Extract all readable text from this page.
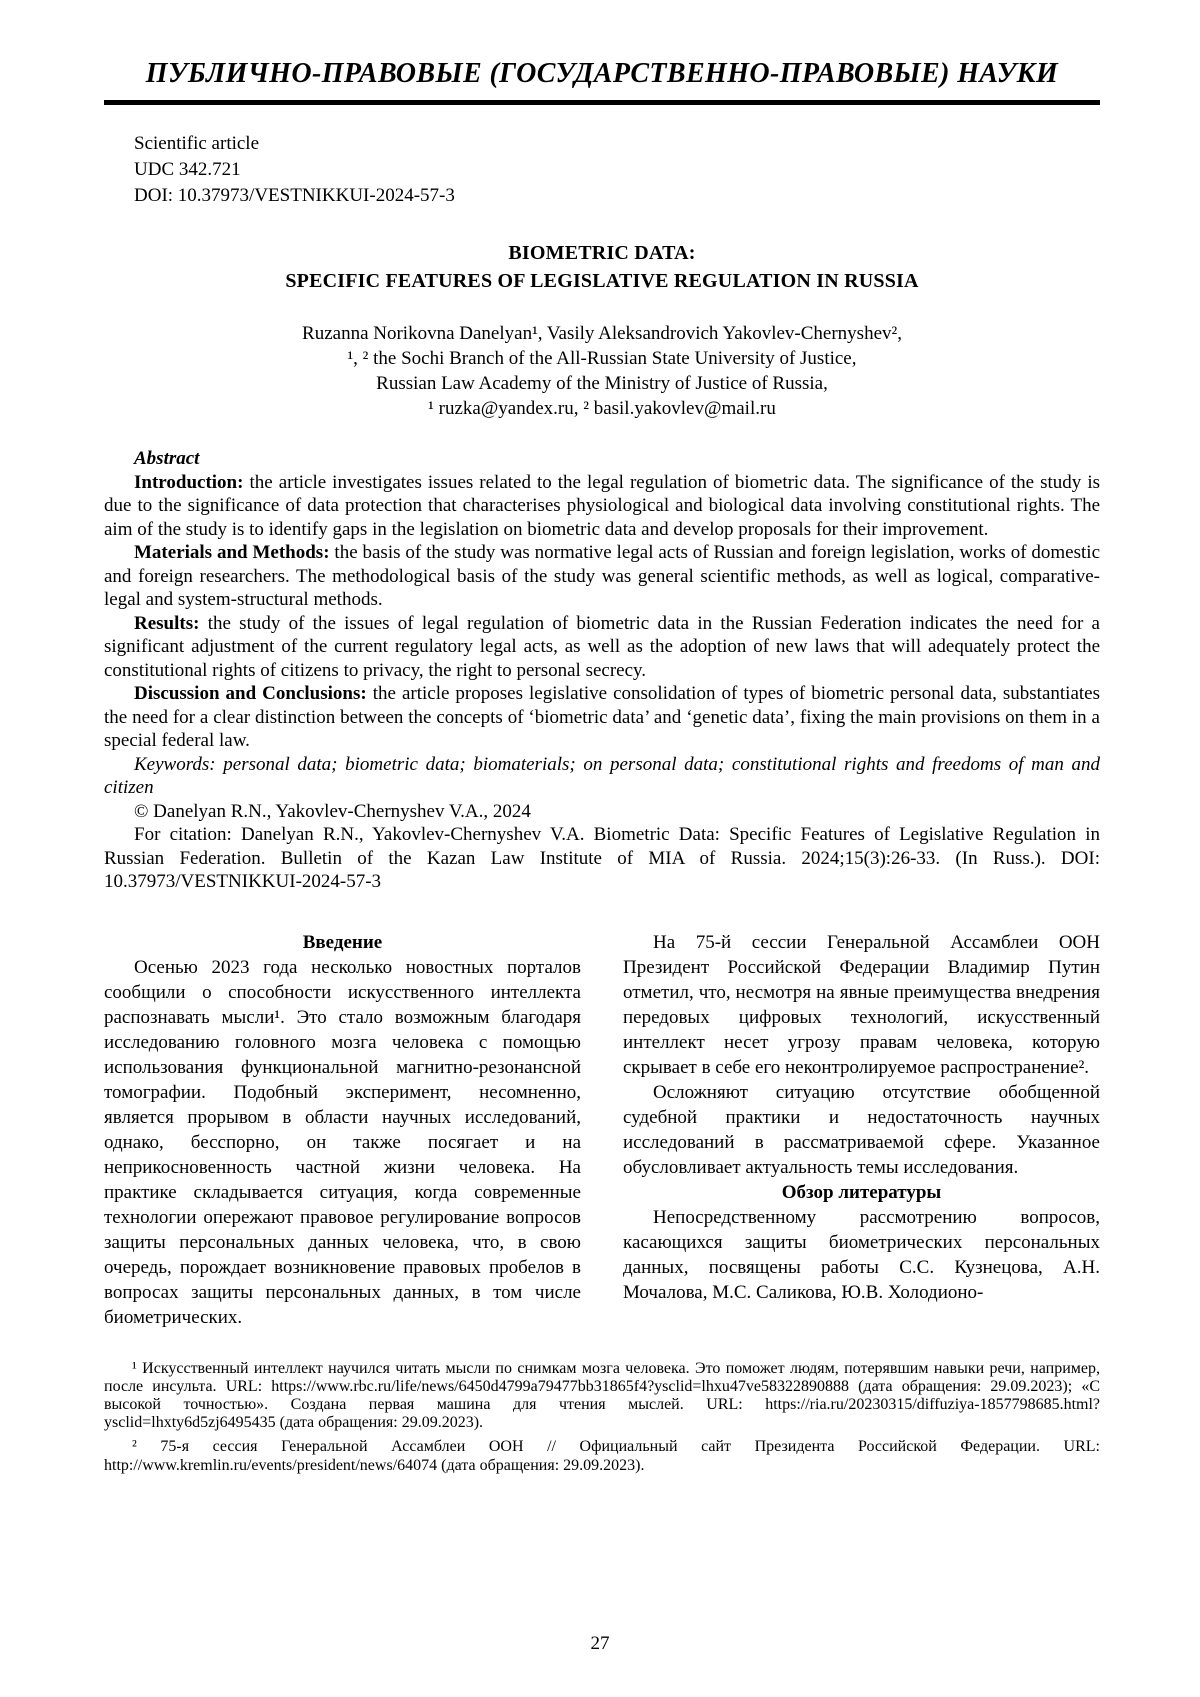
ПУБЛИЧНО-ПРАВОВЫЕ (ГОСУДАРСТВЕННО-ПРАВОВЫЕ) НАУКИ
Scientific article
UDC 342.721
DOI: 10.37973/VESTNIKKUI-2024-57-3
BIOMETRIC DATA:
SPECIFIC FEATURES OF LEGISLATIVE REGULATION IN RUSSIA
Ruzanna Norikovna Danelyan¹, Vasily Aleksandrovich Yakovlev-Chernyshev²,
¹, ² the Sochi Branch of the All-Russian State University of Justice,
Russian Law Academy of the Ministry of Justice of Russia,
¹ ruzka@yandex.ru, ² basil.yakovlev@mail.ru

Abstract

Introduction: the article investigates issues related to the legal regulation of biometric data. The significance of the study is due to the significance of data protection that characterises physiological and biological data involving constitutional rights. The aim of the study is to identify gaps in the legislation on biometric data and develop proposals for their improvement.

Materials and Methods: the basis of the study was normative legal acts of Russian and foreign legislation, works of domestic and foreign researchers. The methodological basis of the study was general scientific methods, as well as logical, comparative-legal and system-structural methods.

Results: the study of the issues of legal regulation of biometric data in the Russian Federation indicates the need for a significant adjustment of the current regulatory legal acts, as well as the adoption of new laws that will adequately protect the constitutional rights of citizens to privacy, the right to personal secrecy.

Discussion and Conclusions: the article proposes legislative consolidation of types of biometric personal data, substantiates the need for a clear distinction between the concepts of ‘biometric data’ and ‘genetic data’, fixing the main provisions on them in a special federal law.

Keywords: personal data; biometric data; biomaterials; on personal data; constitutional rights and freedoms of man and citizen

© Danelyan R.N., Yakovlev-Chernyshev V.A., 2024

For citation: Danelyan R.N., Yakovlev-Chernyshev V.A. Biometric Data: Specific Features of Legislative Regulation in Russian Federation. Bulletin of the Kazan Law Institute of MIA of Russia. 2024;15(3):26-33. (In Russ.). DOI: 10.37973/VESTNIKKUI-2024-57-3

Введение

Осенью 2023 года несколько новостных порталов сообщили о способности искусственного интеллекта распознавать мысли¹. Это стало возможным благодаря исследованию головного мозга человека с помощью использования функциональной магнитно-резонансной томографии. Подобный эксперимент, несомненно, является прорывом в области научных исследований, однако, бесспорно, он также посягает и на неприкосновенность частной жизни человека. На практике складывается ситуация, когда современные технологии опережают правовое регулирование вопросов защиты персональных данных человека, что, в свою очередь, порождает возникновение правовых пробелов в вопросах защиты персональных данных, в том числе биометрических.

На 75-й сессии Генеральной Ассамблеи ООН Президент Российской Федерации Владимир Путин отметил, что, несмотря на явные преимущества внедрения передовых цифровых технологий, искусственный интеллект несет угрозу правам человека, которую скрывает в себе его неконтролируемое распространение².

Осложняют ситуацию отсутствие обобщенной судебной практики и недостаточность научных исследований в рассматриваемой сфере. Указанное обусловливает актуальность темы исследования.

Обзор литературы

Непосредственному рассмотрению вопросов, касающихся защиты биометрических персональных данных, посвящены работы С.С. Кузнецова, А.Н. Мочалова, М.С. Саликова, Ю.В. Холодионо-

¹ Искусственный интеллект научился читать мысли по снимкам мозга человека. Это поможет людям, потерявшим навыки речи, например, после инсульта. URL: https://www.rbc.ru/life/news/6450d4799a79477bb31865f4?ysclid=lhxu47ve58322890888 (дата обращения: 29.09.2023); «С высокой точностью». Создана первая машина для чтения мыслей. URL: https://ria.ru/20230315/diffuziya-1857798685.html?ysclid=lhxty6d5zj6495435 (дата обращения: 29.09.2023).

² 75-я сессия Генеральной Ассамблеи ООН // Официальный сайт Президента Российской Федерации. URL: http://www.kremlin.ru/events/president/news/64074 (дата обращения: 29.09.2023).

27
